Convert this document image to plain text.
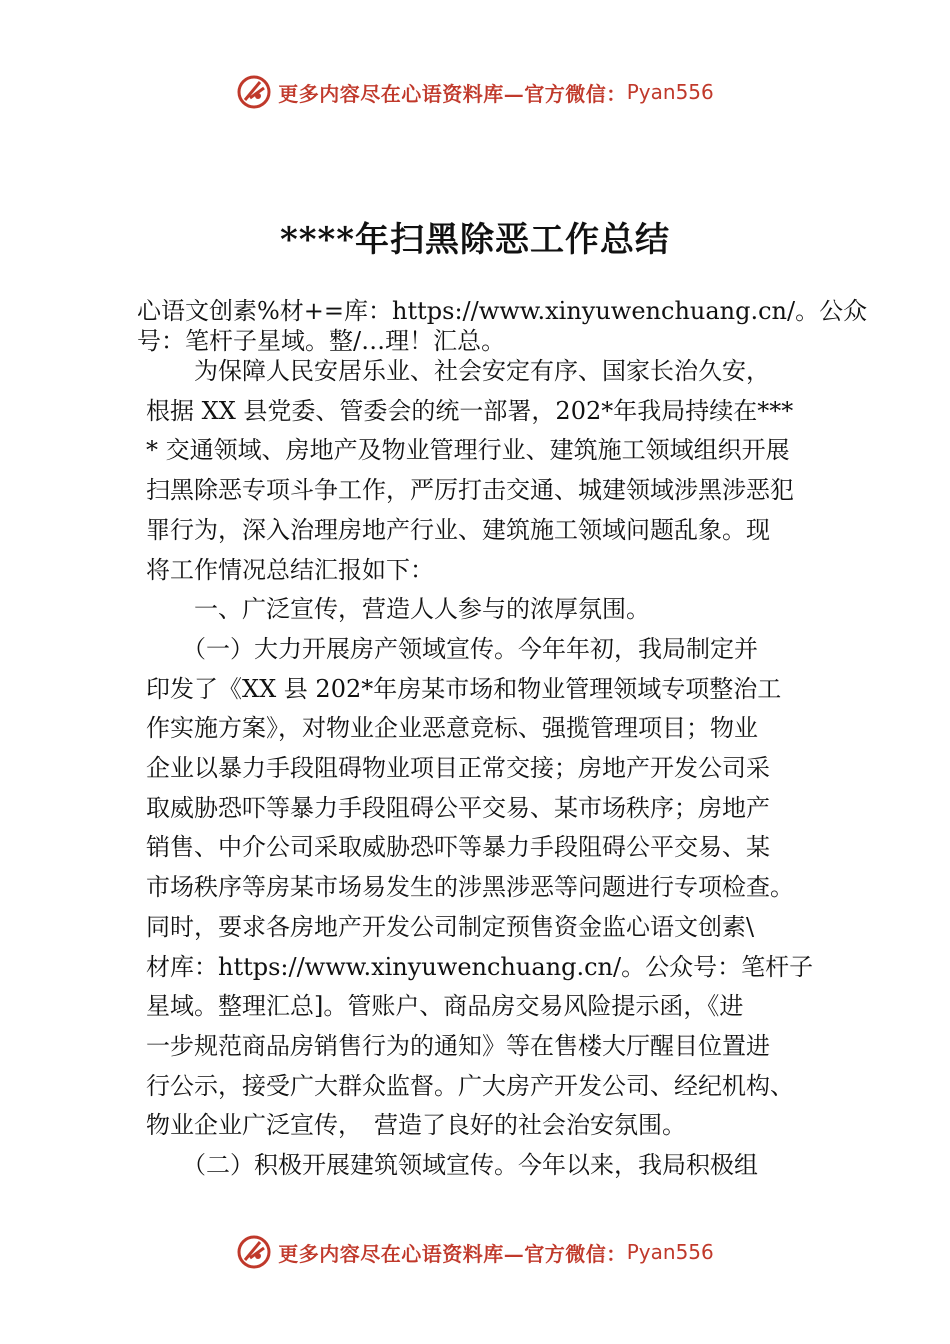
更多内容尽在心语资料库—官方微信： Pyan556
****年扫黑除恶工作总结
心语文创素%材+=库：https://www.xinyuwenchuang.cn/。公众
号：笔杆子星域。整/…理！汇总。
　　为保障人民安居乐业、社会安定有序、国家长治久安，
根据 XX 县党委、管委会的统一部署，202*年我局持续在***
* 交通领域、房地产及物业管理行业、建筑施工领域组织开展
扫黑除恶专项斗争工作，严厉打击交通、城建领域涉黑涉恶犯
罪行为，深入治理房地产行业、建筑施工领域问题乱象。现
将工作情况总结汇报如下：
　　一、广泛宣传，营造人人参与的浓厚氛围。
　　（一）大力开展房产领域宣传。今年年初，我局制定并
印发了《XX 县 202*年房某市场和物业管理领域专项整治工
作实施方案》，对物业企业恶意竞标、强揽管理项目；物业
企业以暴力手段阻碍物业项目正常交接；房地产开发公司采
取威胁恐吓等暴力手段阻碍公平交易、某市场秩序；房地产
销售、中介公司采取威胁恐吓等暴力手段阻碍公平交易、某
市场秩序等房某市场易发生的涉黑涉恶等问题进行专项检查。
同时，要求各房地产开发公司制定预售资金监心语文创素\
材库：https://www.xinyuwenchuang.cn/。公众号：笔杆子
星域。整理汇总]。管账户、商品房交易风险提示函，《进
一步规范商品房销售行为的通知》等在售楼大厅醒目位置进
行公示，接受广大群众监督。广大房产开发公司、经纪机构、
物业企业广泛宣传，　营造了良好的社会治安氛围。
　　（二）积极开展建筑领域宣传。今年以来，我局积极组
更多内容尽在心语资料库—官方微信： Pyan556
